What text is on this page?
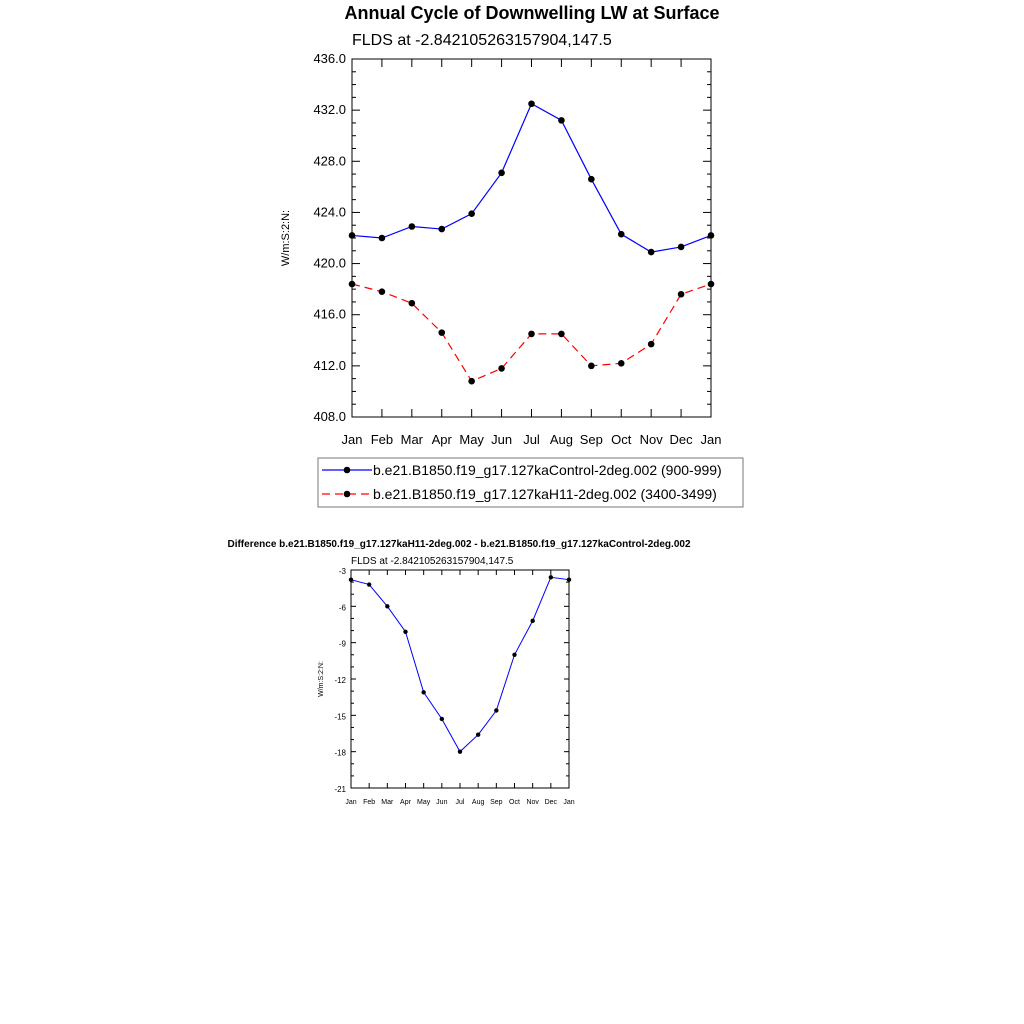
Annual Cycle of Downwelling LW at Surface
FLDS at -2.842105263157904,147.5
W/m:S:2:N:
408.0
412.0
416.0
420.0
424.0
428.0
432.0
436.0
Jan Feb Mar Apr May Jun Jul Aug Sep Oct Nov Dec Jan
b.e21.B1850.f19_g17.127kaControl-2deg.002 (900-999)
b.e21.B1850.f19_g17.127kaH11-2deg.002 (3400-3499)
Difference b.e21.B1850.f19_g17.127kaH11-2deg.002 - b.e21.B1850.f19_g17.127kaControl-2deg.002
FLDS at -2.842105263157904,147.5
W/m:S:2:N:
-21
-18
-15
-12
-9
-6
-3
Jan Feb Mar Apr May Jun Jul Aug Sep Oct Nov Dec Jan
